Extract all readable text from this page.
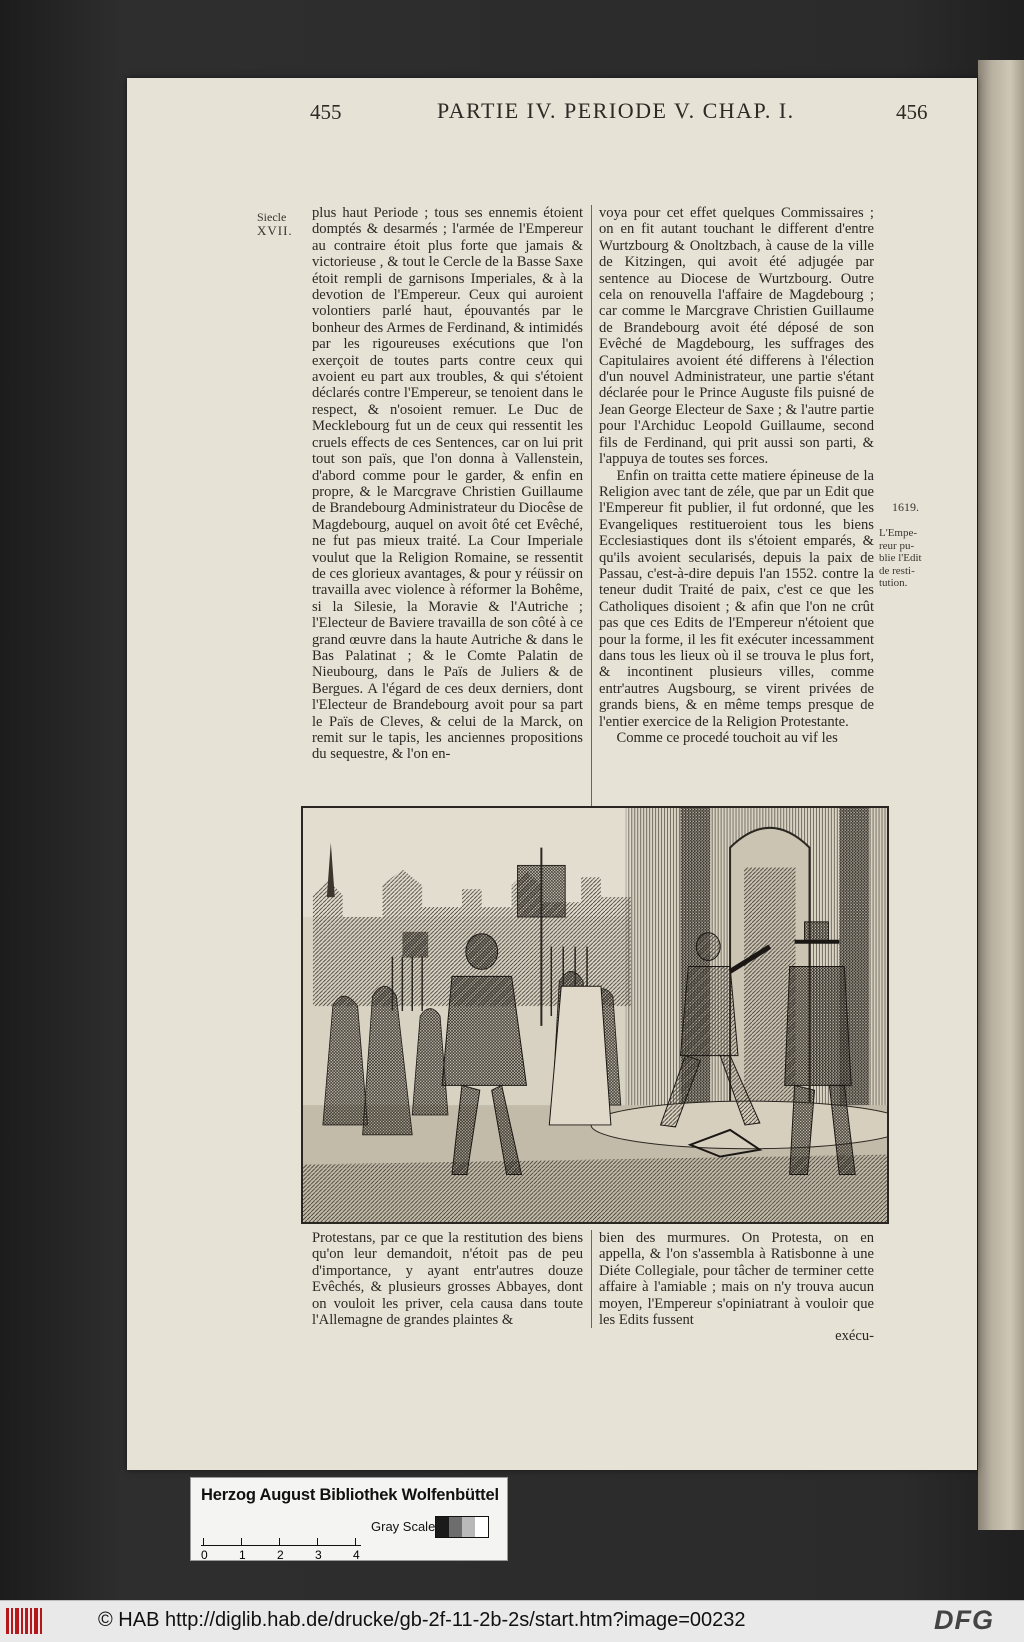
455	PARTIE IV. PERIODE V. CHAP. I.	456
Siecle
XVII.

plus haut Periode ; tous ses ennemis étoient domptés & desarmés ; l'armée de l'Empereur au contraire étoit plus forte que jamais & victorieuse , & tout le Cercle de la Basse Saxe étoit rempli de garnisons Imperiales, & à la devotion de l'Empereur. Ceux qui auroient volontiers parlé haut, épouvantés par le bonheur des Armes de Ferdinand, & intimidés par les rigoureuses exécutions que l'on exerçoit de toutes parts contre ceux qui avoient eu part aux troubles, & qui s'étoient déclarés contre l'Empereur, se tenoient dans le respect, & n'osoient remuer. Le Duc de Mecklebourg fut un de ceux qui ressentit les cruels effects de ces Sentences, car on lui prit tout son païs, que l'on donna à Vallenstein, d'abord comme pour le garder, & enfin en propre, & le Marcgrave Christien Guillaume de Brandebourg Administrateur du Diocêse de Magdebourg, auquel on avoit ôté cet Evêché, ne fut pas mieux traité. La Cour Imperiale voulut que la Religion Romaine, se ressentit de ces glorieux avantages, & pour y réüssir on travailla avec violence à réformer la Bohême, si la Silesie, la Moravie & l'Autriche ; l'Electeur de Baviere travailla de son côté à ce grand œuvre dans la haute Autriche & dans le Bas Palatinat ; & le Comte Palatin de Nieubourg, dans le Païs de Juliers & de Bergues. A l'égard de ces deux derniers, dont l'Electeur de Brandebourg avoit pour sa part le Païs de Cleves, & celui de la Marck, on remit sur le tapis, les anciennes propositions du sequestre, & l'on en-

voya pour cet effet quelques Commissaires ; on en fit autant touchant le different d'entre Wurtzbourg & Onoltzbach, à cause de la ville de Kitzingen, qui avoit été adjugée par sentence au Diocese de Wurtzbourg. Outre cela on renouvella l'affaire de Magdebourg ; car comme le Marcgrave Christien Guillaume de Brandebourg avoit été déposé de son Evêché de Magdebourg, les suffrages des Capitulaires avoient été differens à l'élection d'un nouvel Administrateur, une partie s'étant déclarée pour le Prince Auguste fils puisné de Jean George Electeur de Saxe ; & l'autre partie pour l'Archiduc Leopold Guillaume, second fils de Ferdinand, qui prit aussi son parti, & l'appuya de toutes ses forces.

Enfin on traitta cette matiere épineuse de la Religion avec tant de zéle, que par un Edit que l'Empereur fit publier, il fut ordonné, que les Evangeliques restitueroient tous les biens Ecclesiastiques dont ils s'étoient emparés, & qu'ils avoient secularisés, depuis la paix de Passau, c'est-à-dire depuis l'an 1552. contre la teneur dudit Traité de paix, c'est ce que les Catholiques disoient ; & afin que l'on ne crût pas que ces Edits de l'Empereur n'étoient que pour la forme, il les fit exécuter incessamment dans tous les lieux où il se trouva le plus fort, & incontinent plusieurs villes, comme entr'autres Augsbourg, se virent privées de grands biens, & en même temps presque de l'entier exercice de la Religion Protestante.

Comme ce procedé touchoit au vif les

1619.
L'Empe-
reur pu-
blie l'Edit
de resti-
tution.

Protestans, par ce que la restitution des biens qu'on leur demandoit, n'étoit pas de peu d'importance, y ayant entr'autres douze Evêchés, & plusieurs grosses Abbayes, dont on vouloit les priver, cela causa dans toute l'Allemagne de grandes plaintes &

bien des murmures. On Protesta, on en appella, & l'on s'assembla à Ratisbonne à une Diéte Collegiale, pour tâcher de terminer cette affaire à l'amiable ; mais on n'y trouva aucun moyen, l'Empereur s'opiniatrant à vouloir que les Edits fussent

exécu-

Herzog August Bibliothek Wolfenbüttel
Gray Scale
0	1	2	3	4
© HAB http://diglib.hab.de/drucke/gb-2f-11-2b-2s/start.htm?image=00232	DFG
